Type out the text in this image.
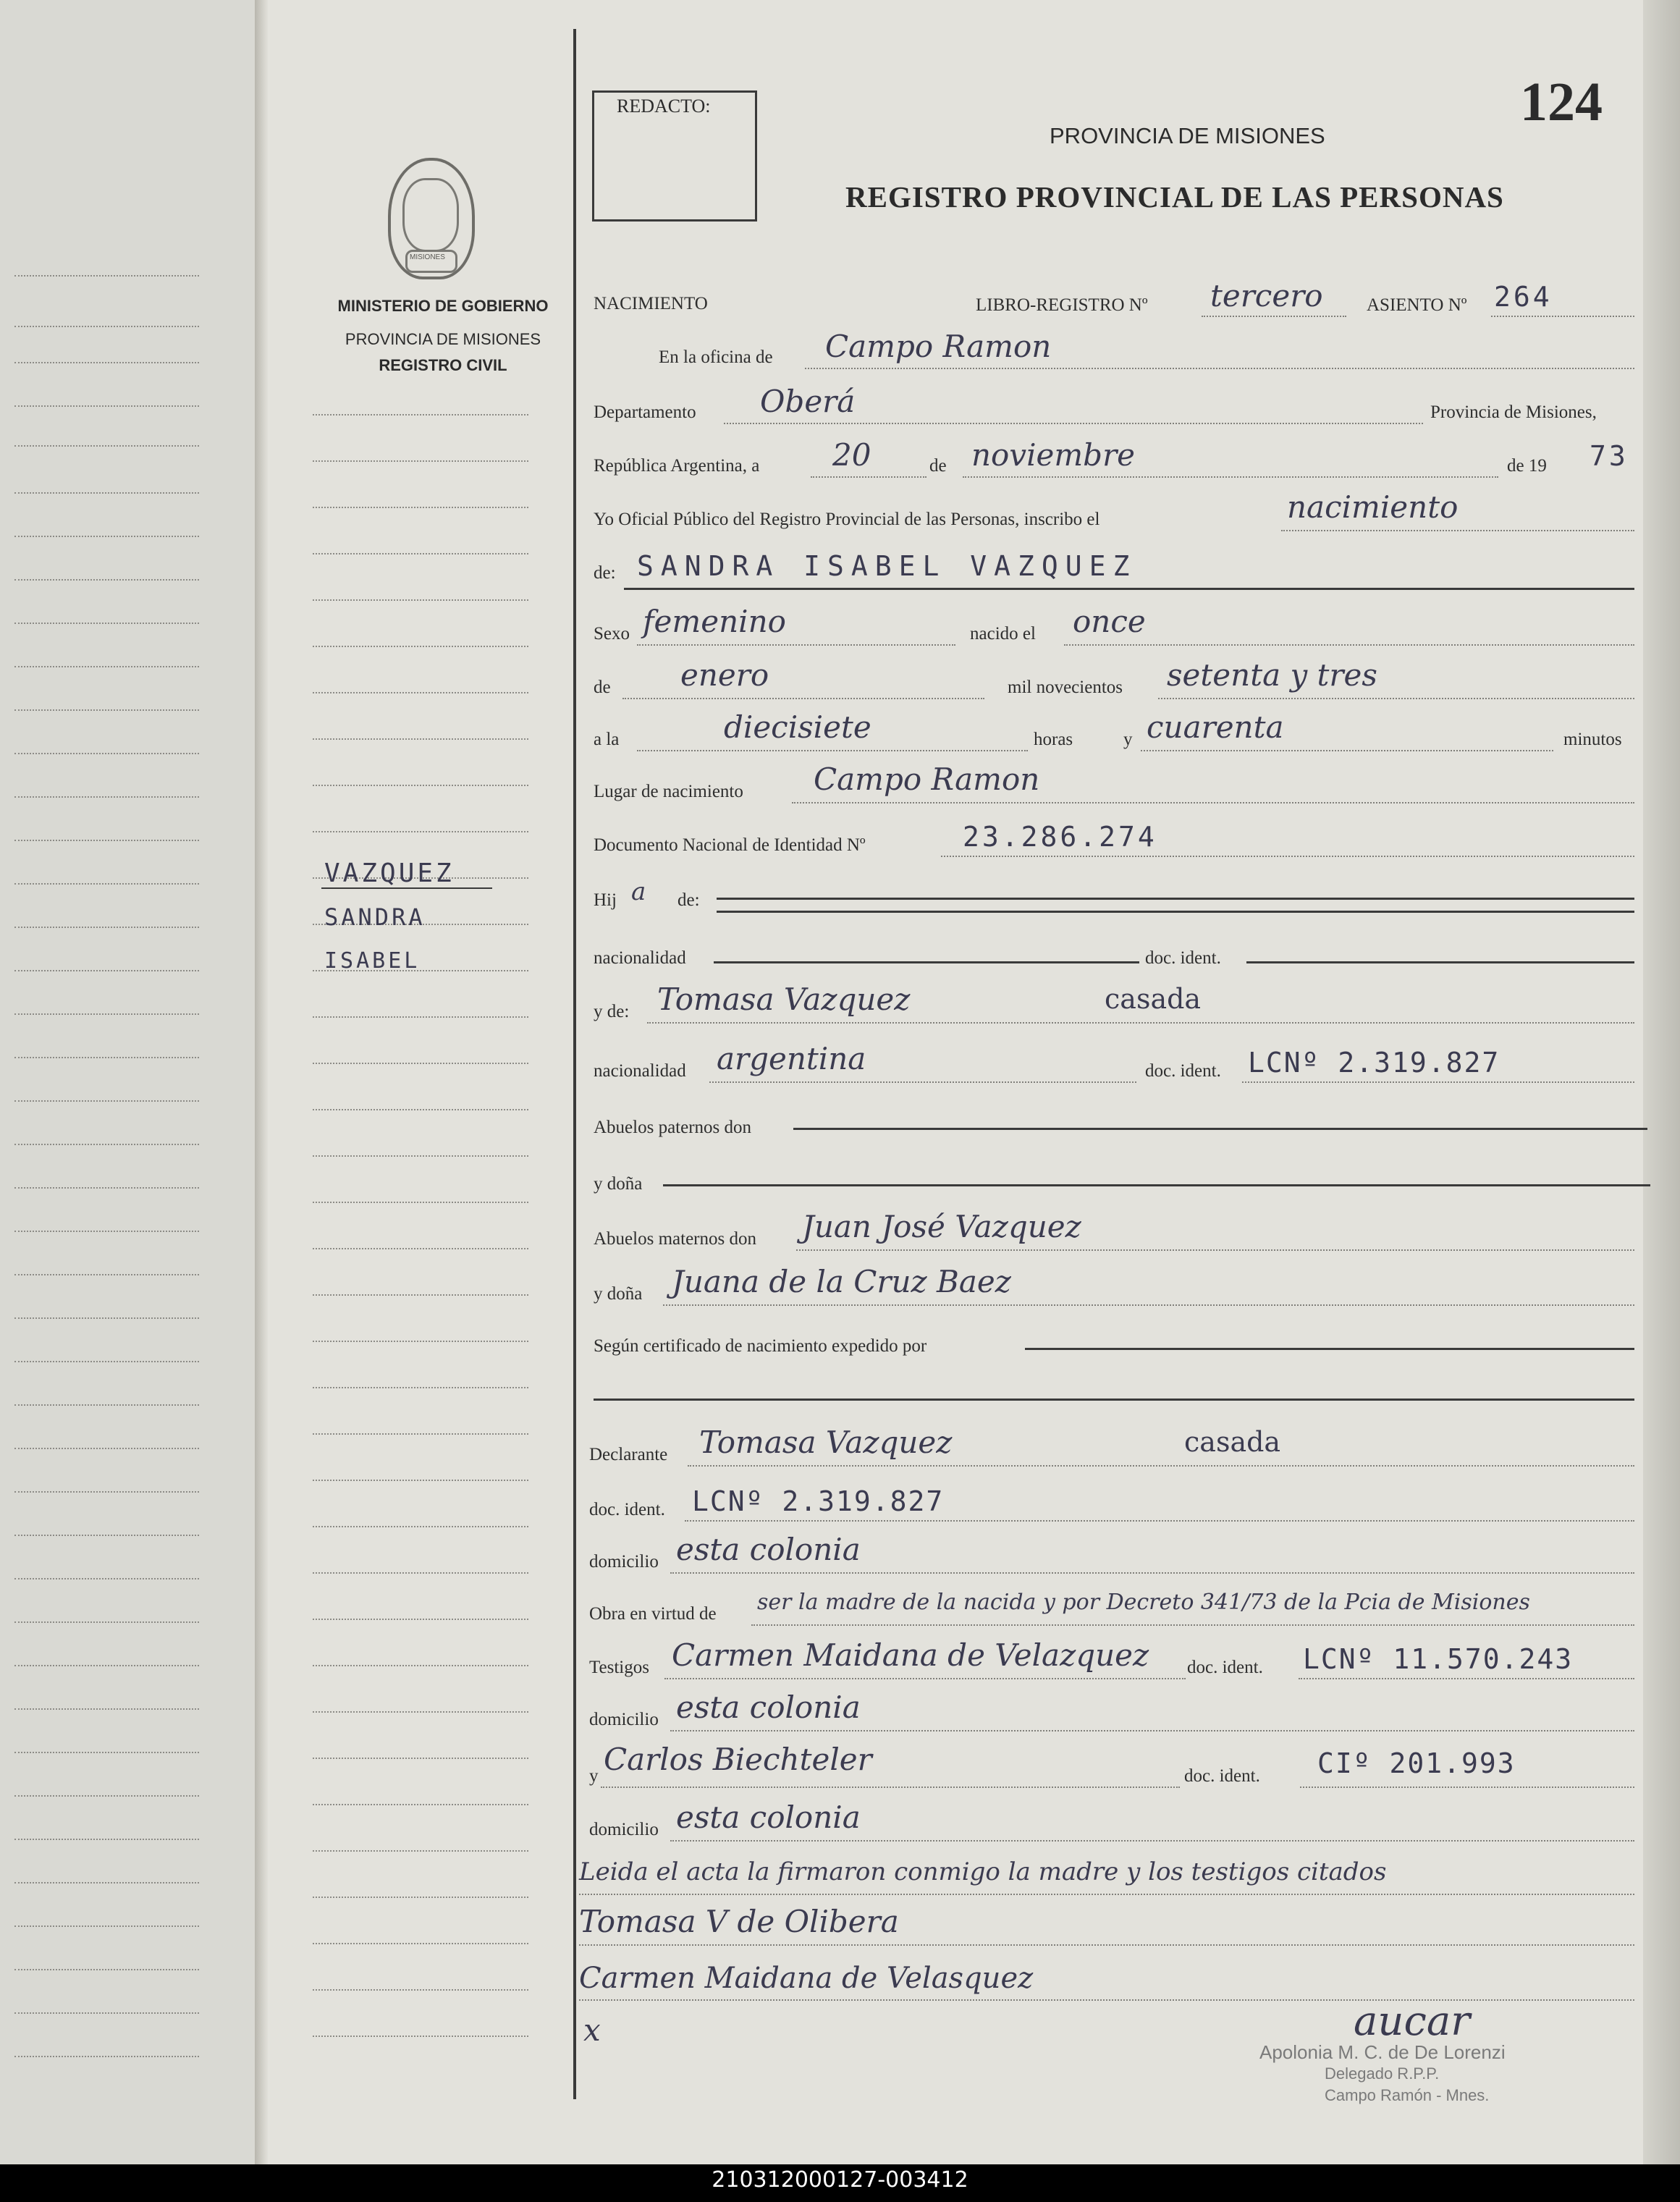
MISIONES
MINISTERIO DE GOBIERNO
PROVINCIA DE MISIONES
REGISTRO CIVIL
VAZQUEZ
SANDRA
ISABEL
REDACTO:	124
PROVINCIA DE MISIONES
REGISTRO PROVINCIAL DE LAS PERSONAS
NACIMIENTO	LIBRO-REGISTRO Nº tercero ASIENTO Nº 264
En la oficina de Campo Ramon
Departamento Oberá	Provincia de Misiones,
República Argentina, a 20	de noviembre	de 19 73
Yo Oficial Público del Registro Provincial de las Personas, inscribo el	nacimiento
de: SANDRA ISABEL VAZQUEZ
Sexo femenino	nacido el once
de enero	mil novecientos setenta y tres
a la	diecisiete	horas	y cuarenta	minutos
Lugar de nacimiento Campo Ramon
Documento Nacional de Identidad Nº	23.286.274
Hij a de:
nacionalidad	doc. ident.
y de: Tomasa Vazquez	casada
nacionalidad argentina	doc. ident. LCNº 2.319.827
Abuelos paternos don
y doña
Abuelos maternos don Juan José Vazquez
y doña Juana de la Cruz Baez
Según certificado de nacimiento expedido por
Declarante Tomasa Vazquez	casada
doc. ident. LCNº 2.319.827
domicilio esta colonia
Obra en virtud de ser la madre de la nacida y por Decreto 341/73 de la Pcia de Misiones
Testigos Carmen Maidana de Velazquez doc. ident. LCNº 11.570.243
domicilio esta colonia
y Carlos Biechteler	doc. ident. CIº 201.993
domicilio esta colonia
Leida el acta la firmaron conmigo la madre y los testigos citados
Tomasa V de Olibera
Carmen Maidana de Velasquez
x	aucar
Apolonia M. C. de De Lorenzi
Delegado R.P.P.
Campo Ramón - Mnes.
210312000127-003412
